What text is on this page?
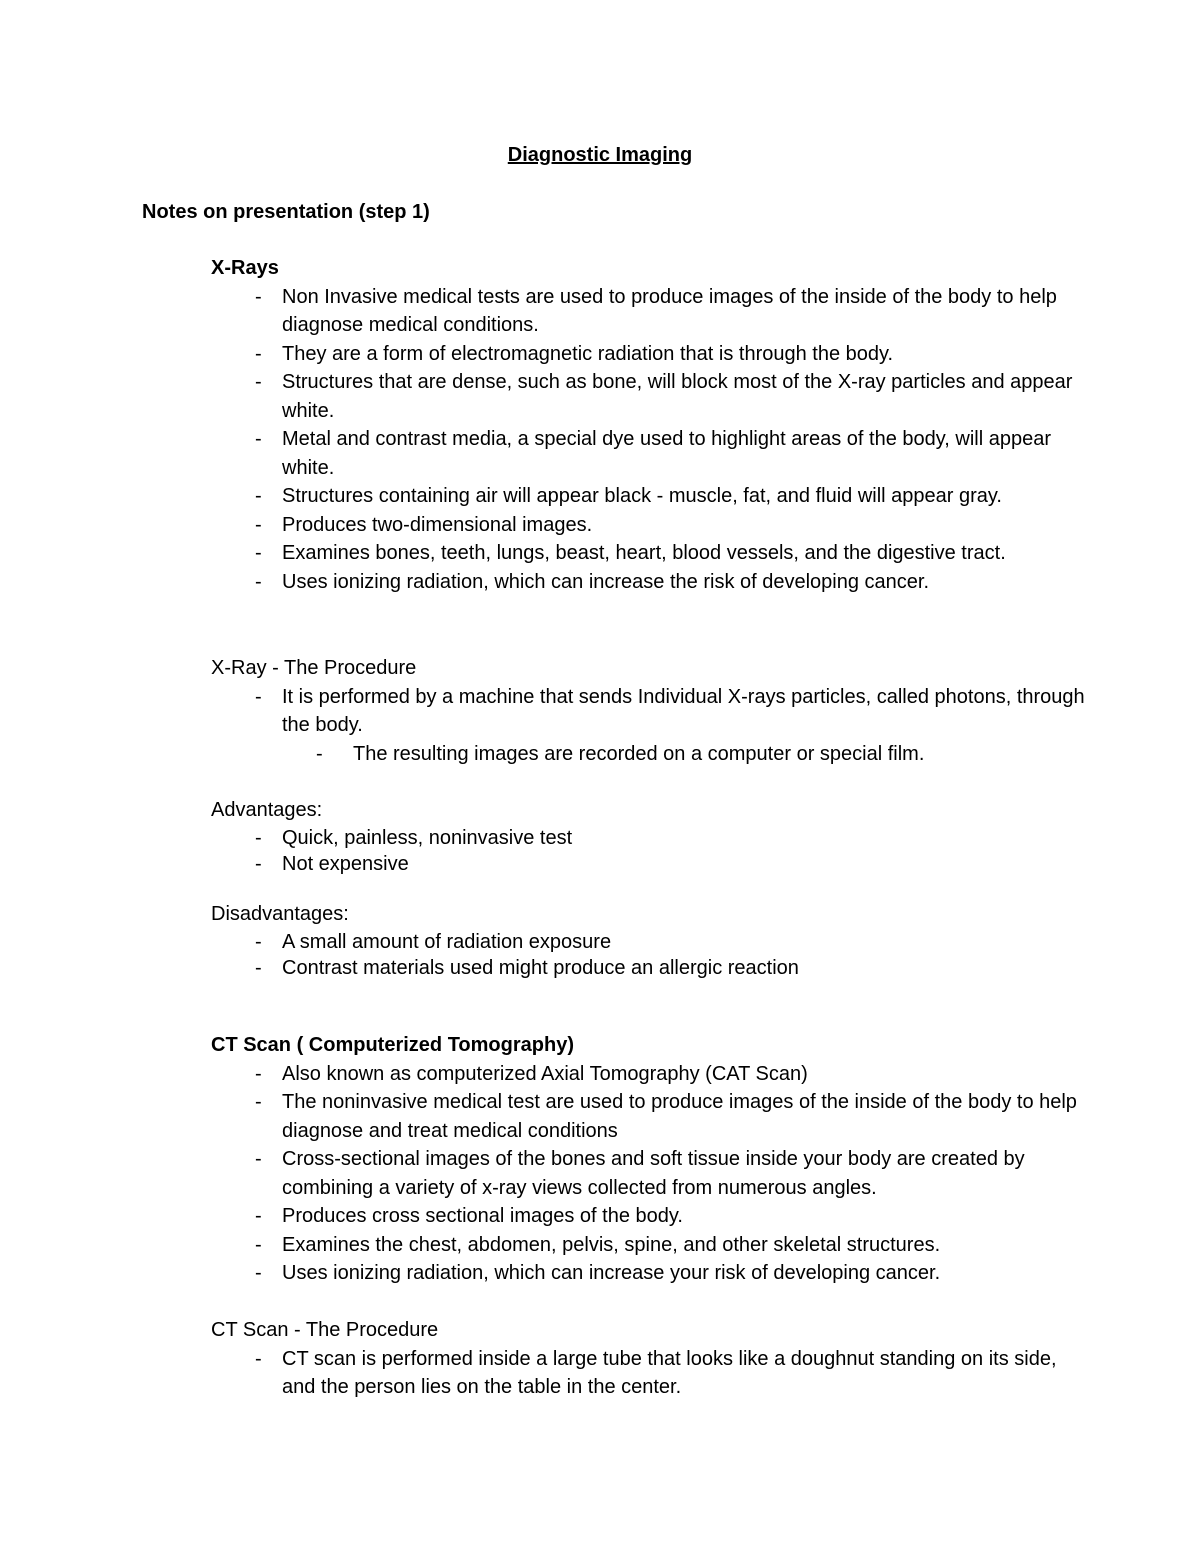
Diagnostic Imaging
Notes on presentation (step 1)

X-Rays

- Non Invasive medical tests are used to produce images of the inside of the body to help diagnose medical conditions.
- They are a form of electromagnetic radiation that is through the body.
- Structures that are dense, such as bone, will block most of the X-ray particles and appear white.
- Metal and contrast media, a special dye used to highlight areas of the body, will appear white.
- Structures containing air will appear black - muscle, fat, and fluid will appear gray.
- Produces two-dimensional images.
- Examines bones, teeth, lungs, beast, heart, blood vessels, and the digestive tract.
- Uses ionizing radiation, which can increase the risk of developing cancer.

X-Ray - The Procedure

- It is performed by a machine that sends Individual X-rays particles, called photons, through the body.
- The resulting images are recorded on a computer or special film.

Advantages:

- Quick, painless, noninvasive test
- Not expensive

Disadvantages:

- A small amount of radiation exposure
- Contrast materials used might produce an allergic reaction

CT Scan ( Computerized Tomography)

- Also known as computerized Axial Tomography (CAT Scan)
- The noninvasive medical test are used to produce images of the inside of the body to help diagnose and treat medical conditions
- Cross-sectional images of the bones and soft tissue inside your body are created by combining a variety of x-ray views collected from numerous angles.
- Produces cross sectional images of the body.
- Examines the chest, abdomen, pelvis, spine, and other skeletal structures.
- Uses ionizing radiation, which can increase your risk of developing cancer.

CT Scan - The Procedure

- CT scan is performed inside a large tube that looks like a doughnut standing on its side, and the person lies on the table in the center.
